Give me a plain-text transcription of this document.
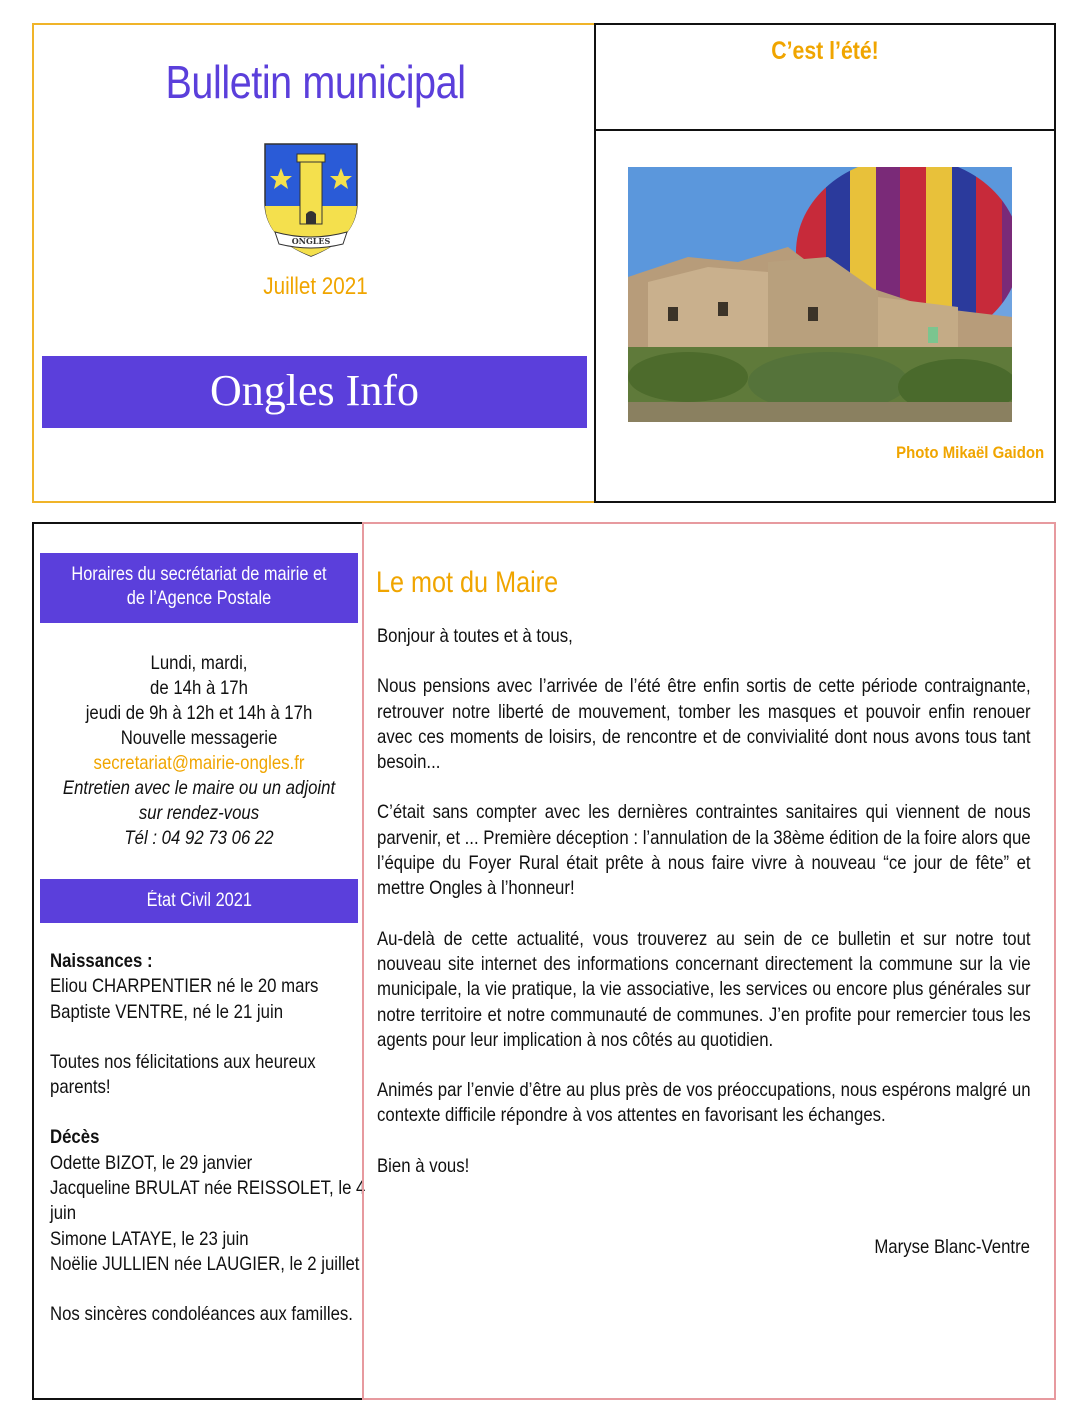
Bulletin municipal
ONGLES
Juillet 2021
Ongles Info
C’est l’été!
Photo Mikaël Gaidon
Horaires du secrétariat de mairie et de l’Agence Postale
Lundi, mardi,
de 14h à 17h
jeudi de 9h à 12h et 14h à 17h
Nouvelle messagerie
secretariat@mairie-ongles.fr
Entretien avec le maire ou un adjoint
sur rendez-vous
Tél : 04 92 73 06 22
État Civil 2021
Naissances :
Eliou CHARPENTIER né le 20 mars
Baptiste VENTRE, né le 21 juin
Toutes nos félicitations aux heureux
parents!
Décès
Odette BIZOT, le 29 janvier
Jacqueline BRULAT née REISSOLET, le 4
juin
Simone LATAYE, le 23 juin
Noëlie JULLIEN née LAUGIER, le 2 juillet
Nos sincères condoléances aux familles.
Le mot du Maire

Bonjour à toutes et à tous,

Nous pensions avec l’arrivée de l’été être enfin sortis de cette période contraignante, retrouver notre liberté de mouvement, tomber les masques et pouvoir enfin renouer avec ces moments de loisirs, de rencontre et de convivialité dont nous avons tous tant besoin...

C’était sans compter avec les dernières contraintes sanitaires qui viennent de nous parvenir, et ... Première déception : l’annulation de la 38ème édition de la foire alors que l’équipe du Foyer Rural était prête à nous faire vivre à nouveau “ce jour de fête” et mettre Ongles à l’honneur!

Au-delà de cette actualité, vous trouverez au sein de ce bulletin et sur notre tout nouveau site internet des informations concernant directement la commune sur la vie municipale, la vie pratique, la vie associative, les services ou encore plus générales sur notre territoire et notre communauté de communes. J’en profite pour remercier tous les agents pour leur implication à nos côtés au quotidien.

Animés par l’envie d’être au plus près de vos préoccupations, nous espérons malgré un contexte difficile répondre à vos attentes en favorisant les échanges.

Bien à vous!

Maryse Blanc-Ventre
